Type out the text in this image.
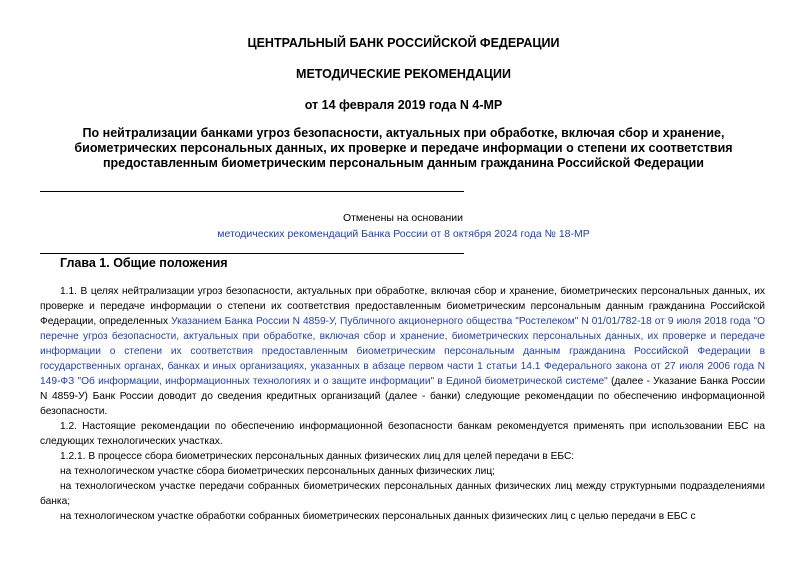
ЦЕНТРАЛЬНЫЙ БАНК РОССИЙСКОЙ ФЕДЕРАЦИИ

МЕТОДИЧЕСКИЕ РЕКОМЕНДАЦИИ

от 14 февраля 2019 года N 4-МР

По нейтрализации банками угроз безопасности, актуальных при обработке, включая сбор и хранение, биометрических персональных данных, их проверке и передаче информации о степени их соответствия предоставленным биометрическим персональным данным гражданина Российской Федерации

Отменены на основании
методических рекомендаций Банка России от 8 октября 2024 года № 18-МР
Глава 1. Общие положения

1.1. В целях нейтрализации угроз безопасности, актуальных при обработке, включая сбор и хранение, биометрических персональных данных, их проверке и передаче информации о степени их соответствия предоставленным биометрическим персональным данным гражданина Российской Федерации, определенных Указанием Банка России N 4859-У, Публичного акционерного общества "Ростелеком" N 01/01/782-18 от 9 июля 2018 года "О перечне угроз безопасности, актуальных при обработке, включая сбор и хранение, биометрических персональных данных, их проверке и передаче информации о степени их соответствия предоставленным биометрическим персональным данным гражданина Российской Федерации в государственных органах, банках и иных организациях, указанных в абзаце первом части 1 статьи 14.1 Федерального закона от 27 июля 2006 года N 149-ФЗ "Об информации, информационных технологиях и о защите информации" в Единой биометрической системе" (далее - Указание Банка России N 4859-У) Банк России доводит до сведения кредитных организаций (далее - банки) следующие рекомендации по обеспечению информационной безопасности.

1.2. Настоящие рекомендации по обеспечению информационной безопасности банкам рекомендуется применять при использовании ЕБС на следующих технологических участках.

1.2.1. В процессе сбора биометрических персональных данных физических лиц для целей передачи в ЕБС:

на технологическом участке сбора биометрических персональных данных физических лиц;

на технологическом участке передачи собранных биометрических персональных данных физических лиц между структурными подразделениями банка;

на технологическом участке обработки собранных биометрических персональных данных физических лиц с целью передачи в ЕБС с
